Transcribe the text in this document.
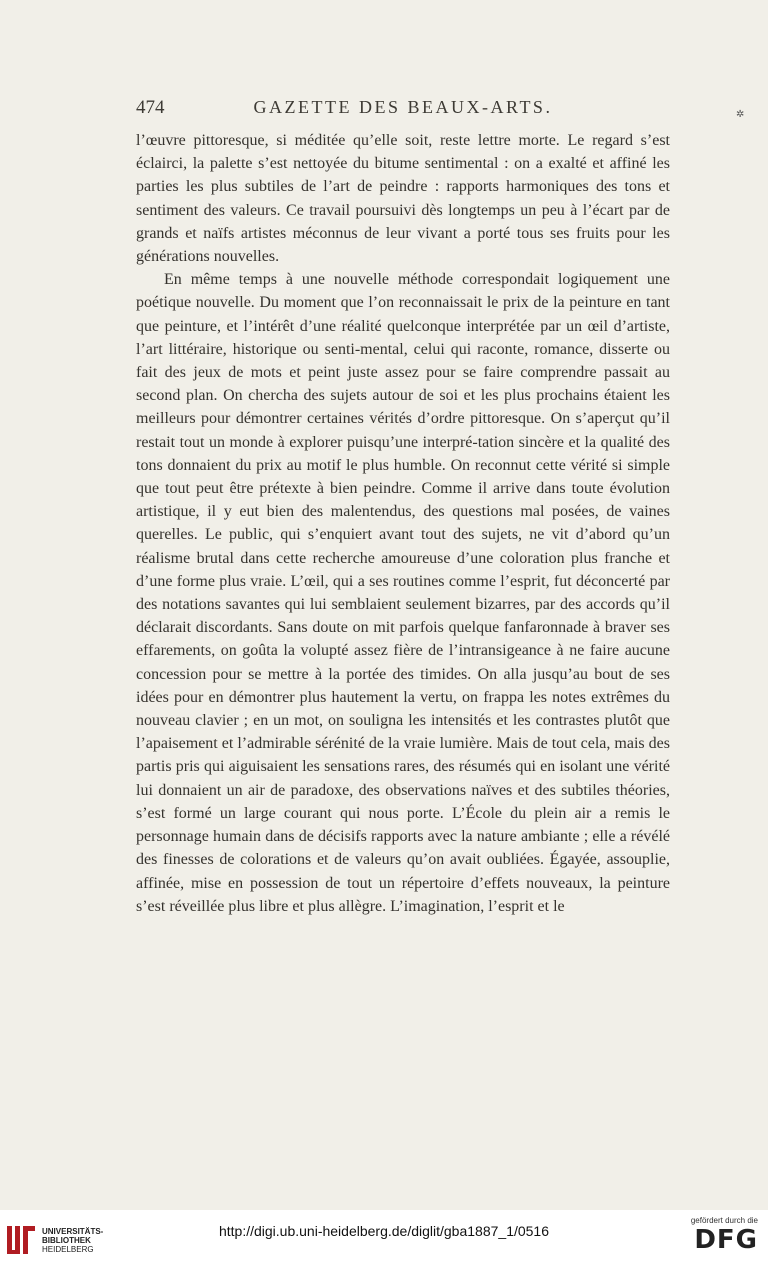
474	GAZETTE DES BEAUX-ARTS.	✲

l’œuvre pittoresque, si méditée qu’elle soit, reste lettre morte. Le regard s’est éclairci, la palette s’est nettoyée du bitume sentimental : on a exalté et affiné les parties les plus subtiles de l’art de peindre : rapports harmoniques des tons et sentiment des valeurs. Ce travail poursuivi dès longtemps un peu à l’écart par de grands et naïfs artistes méconnus de leur vivant a porté tous ses fruits pour les générations nouvelles.

En même temps à une nouvelle méthode correspondait logiquement une poétique nouvelle. Du moment que l’on reconnaissait le prix de la peinture en tant que peinture, et l’intérêt d’une réalité quelconque interprétée par un œil d’artiste, l’art littéraire, historique ou senti-mental, celui qui raconte, romance, disserte ou fait des jeux de mots et peint juste assez pour se faire comprendre passait au second plan. On chercha des sujets autour de soi et les plus prochains étaient les meilleurs pour démontrer certaines vérités d’ordre pittoresque. On s’aperçut qu’il restait tout un monde à explorer puisqu’une interpré-tation sincère et la qualité des tons donnaient du prix au motif le plus humble. On reconnut cette vérité si simple que tout peut être prétexte à bien peindre. Comme il arrive dans toute évolution artistique, il y eut bien des malentendus, des questions mal posées, de vaines querelles. Le public, qui s’enquiert avant tout des sujets, ne vit d’abord qu’un réalisme brutal dans cette recherche amoureuse d’une coloration plus franche et d’une forme plus vraie. L’œil, qui a ses routines comme l’esprit, fut déconcerté par des notations savantes qui lui semblaient seulement bizarres, par des accords qu’il déclarait discordants. Sans doute on mit parfois quelque fanfaronnade à braver ses effarements, on goûta la volupté assez fière de l’intransigeance à ne faire aucune concession pour se mettre à la portée des timides. On alla jusqu’au bout de ses idées pour en démontrer plus hautement la vertu, on frappa les notes extrêmes du nouveau clavier ; en un mot, on souligna les intensités et les contrastes plutôt que l’apaisement et l’admirable sérénité de la vraie lumière. Mais de tout cela, mais des partis pris qui aiguisaient les sensations rares, des résumés qui en isolant une vérité lui donnaient un air de paradoxe, des observations naïves et des subtiles théories, s’est formé un large courant qui nous porte. L’École du plein air a remis le personnage humain dans de décisifs rapports avec la nature ambiante ; elle a révélé des finesses de colorations et de valeurs qu’on avait oubliées. Égayée, assouplie, affinée, mise en possession de tout un répertoire d’effets nouveaux, la peinture s’est réveillée plus libre et plus allègre. L’imagination, l’esprit et le

UNIVERSITÄTS-
BIBLIOTHEK
HEIDELBERG
http://digi.ub.uni-heidelberg.de/diglit/gba1887_1/0516
gefördert durch die
DFG
